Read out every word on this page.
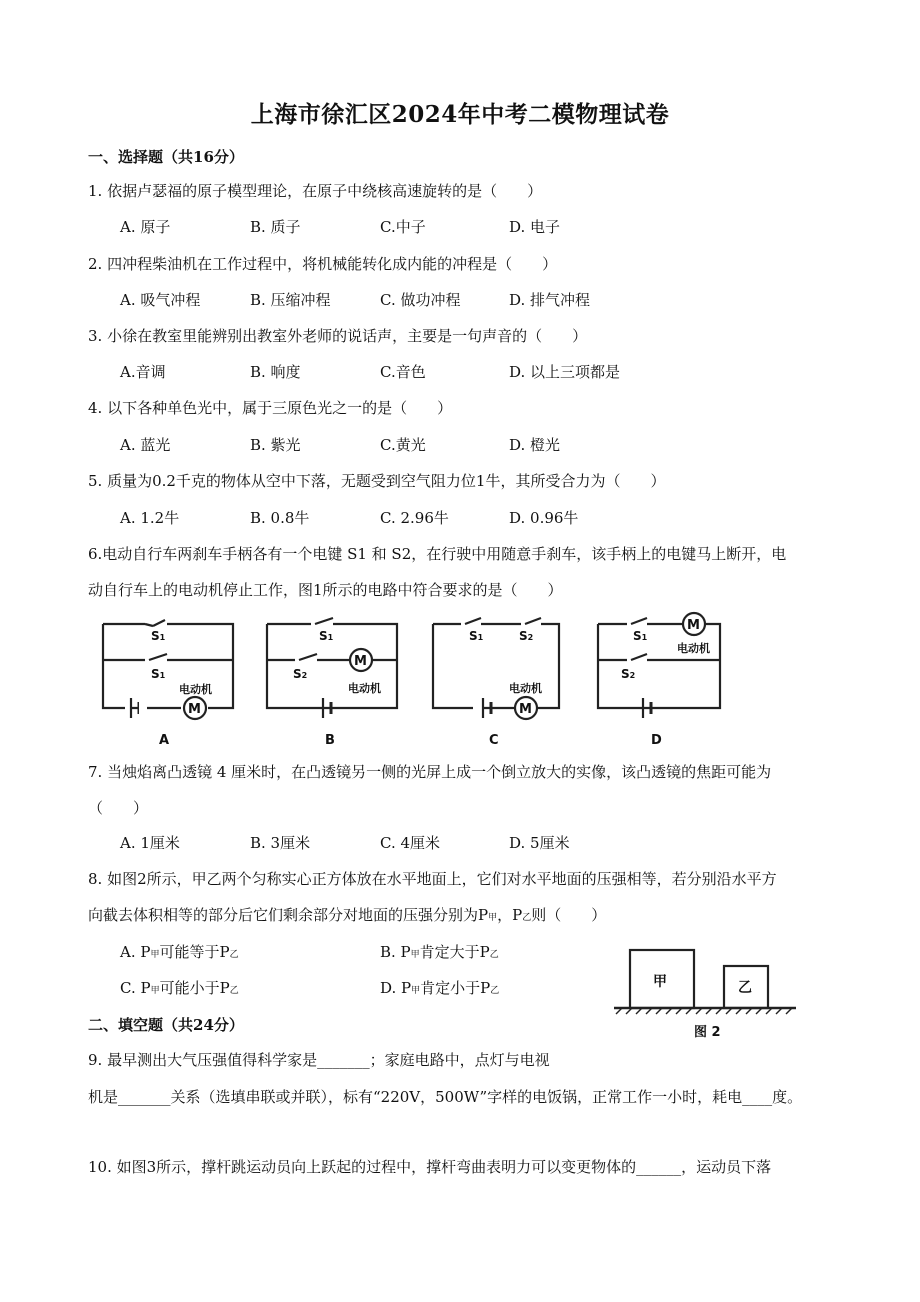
上海市徐汇区2024年中考二模物理试卷
一、选择题（共16分）
1. 依据卢瑟福的原子模型理论，在原子中绕核高速旋转的是（　　）
A. 原子	B. 质子	C.中子	D. 电子
2. 四冲程柴油机在工作过程中，将机械能转化成内能的冲程是（　　）
A. 吸气冲程	B. 压缩冲程	C. 做功冲程	D. 排气冲程
3. 小徐在教室里能辨别出教室外老师的说话声，主要是一句声音的（　　）
A.音调	B. 响度	C.音色	D. 以上三项都是
4. 以下各种单色光中，属于三原色光之一的是（　　）
A. 蓝光	B. 紫光	C.黄光	D. 橙光
5. 质量为0.2千克的物体从空中下落，无题受到空气阻力位1牛，其所受合力为（　　）
A. 1.2牛	B. 0.8牛	C. 2.96牛	D. 0.96牛
6.电动自行车两刹车手柄各有一个电键 S1 和 S2，在行驶中用随意手刹车，该手柄上的电键马上断开，电
动自行车上的电动机停止工作，图1所示的电路中符合要求的是（　　）
S1
S1
电动机
M
S1
S2
电动机
M
S1	S2
电动机
M
S1
S2
电动机
M
A	B	C	D
7. 当烛焰离凸透镜 4 厘米时，在凸透镜另一侧的光屏上成一个倒立放大的实像，该凸透镜的焦距可能为
（　　）
A. 1厘米	B. 3厘米	C. 4厘米	D. 5厘米
8. 如图2所示，甲乙两个匀称实心正方体放在水平地面上，它们对水平地面的压强相等，若分别沿水平方
向截去体积相等的部分后它们剩余部分对地面的压强分别为P甲，P乙则（　　）
A. P甲可能等于P乙	B. P甲肯定大于P乙
C. P甲可能小于P乙	D. P甲肯定小于P乙
甲	乙
图 2
二、填空题（共24分）
9. 最早测出大气压强值得科学家是_______；家庭电路中，点灯与电视
机是_______关系（选填串联或并联），标有“220V，500W”字样的电饭锅，正常工作一小时，耗电____度。
10. 如图3所示，撑杆跳运动员向上跃起的过程中，撑杆弯曲表明力可以变更物体的______，运动员下落
